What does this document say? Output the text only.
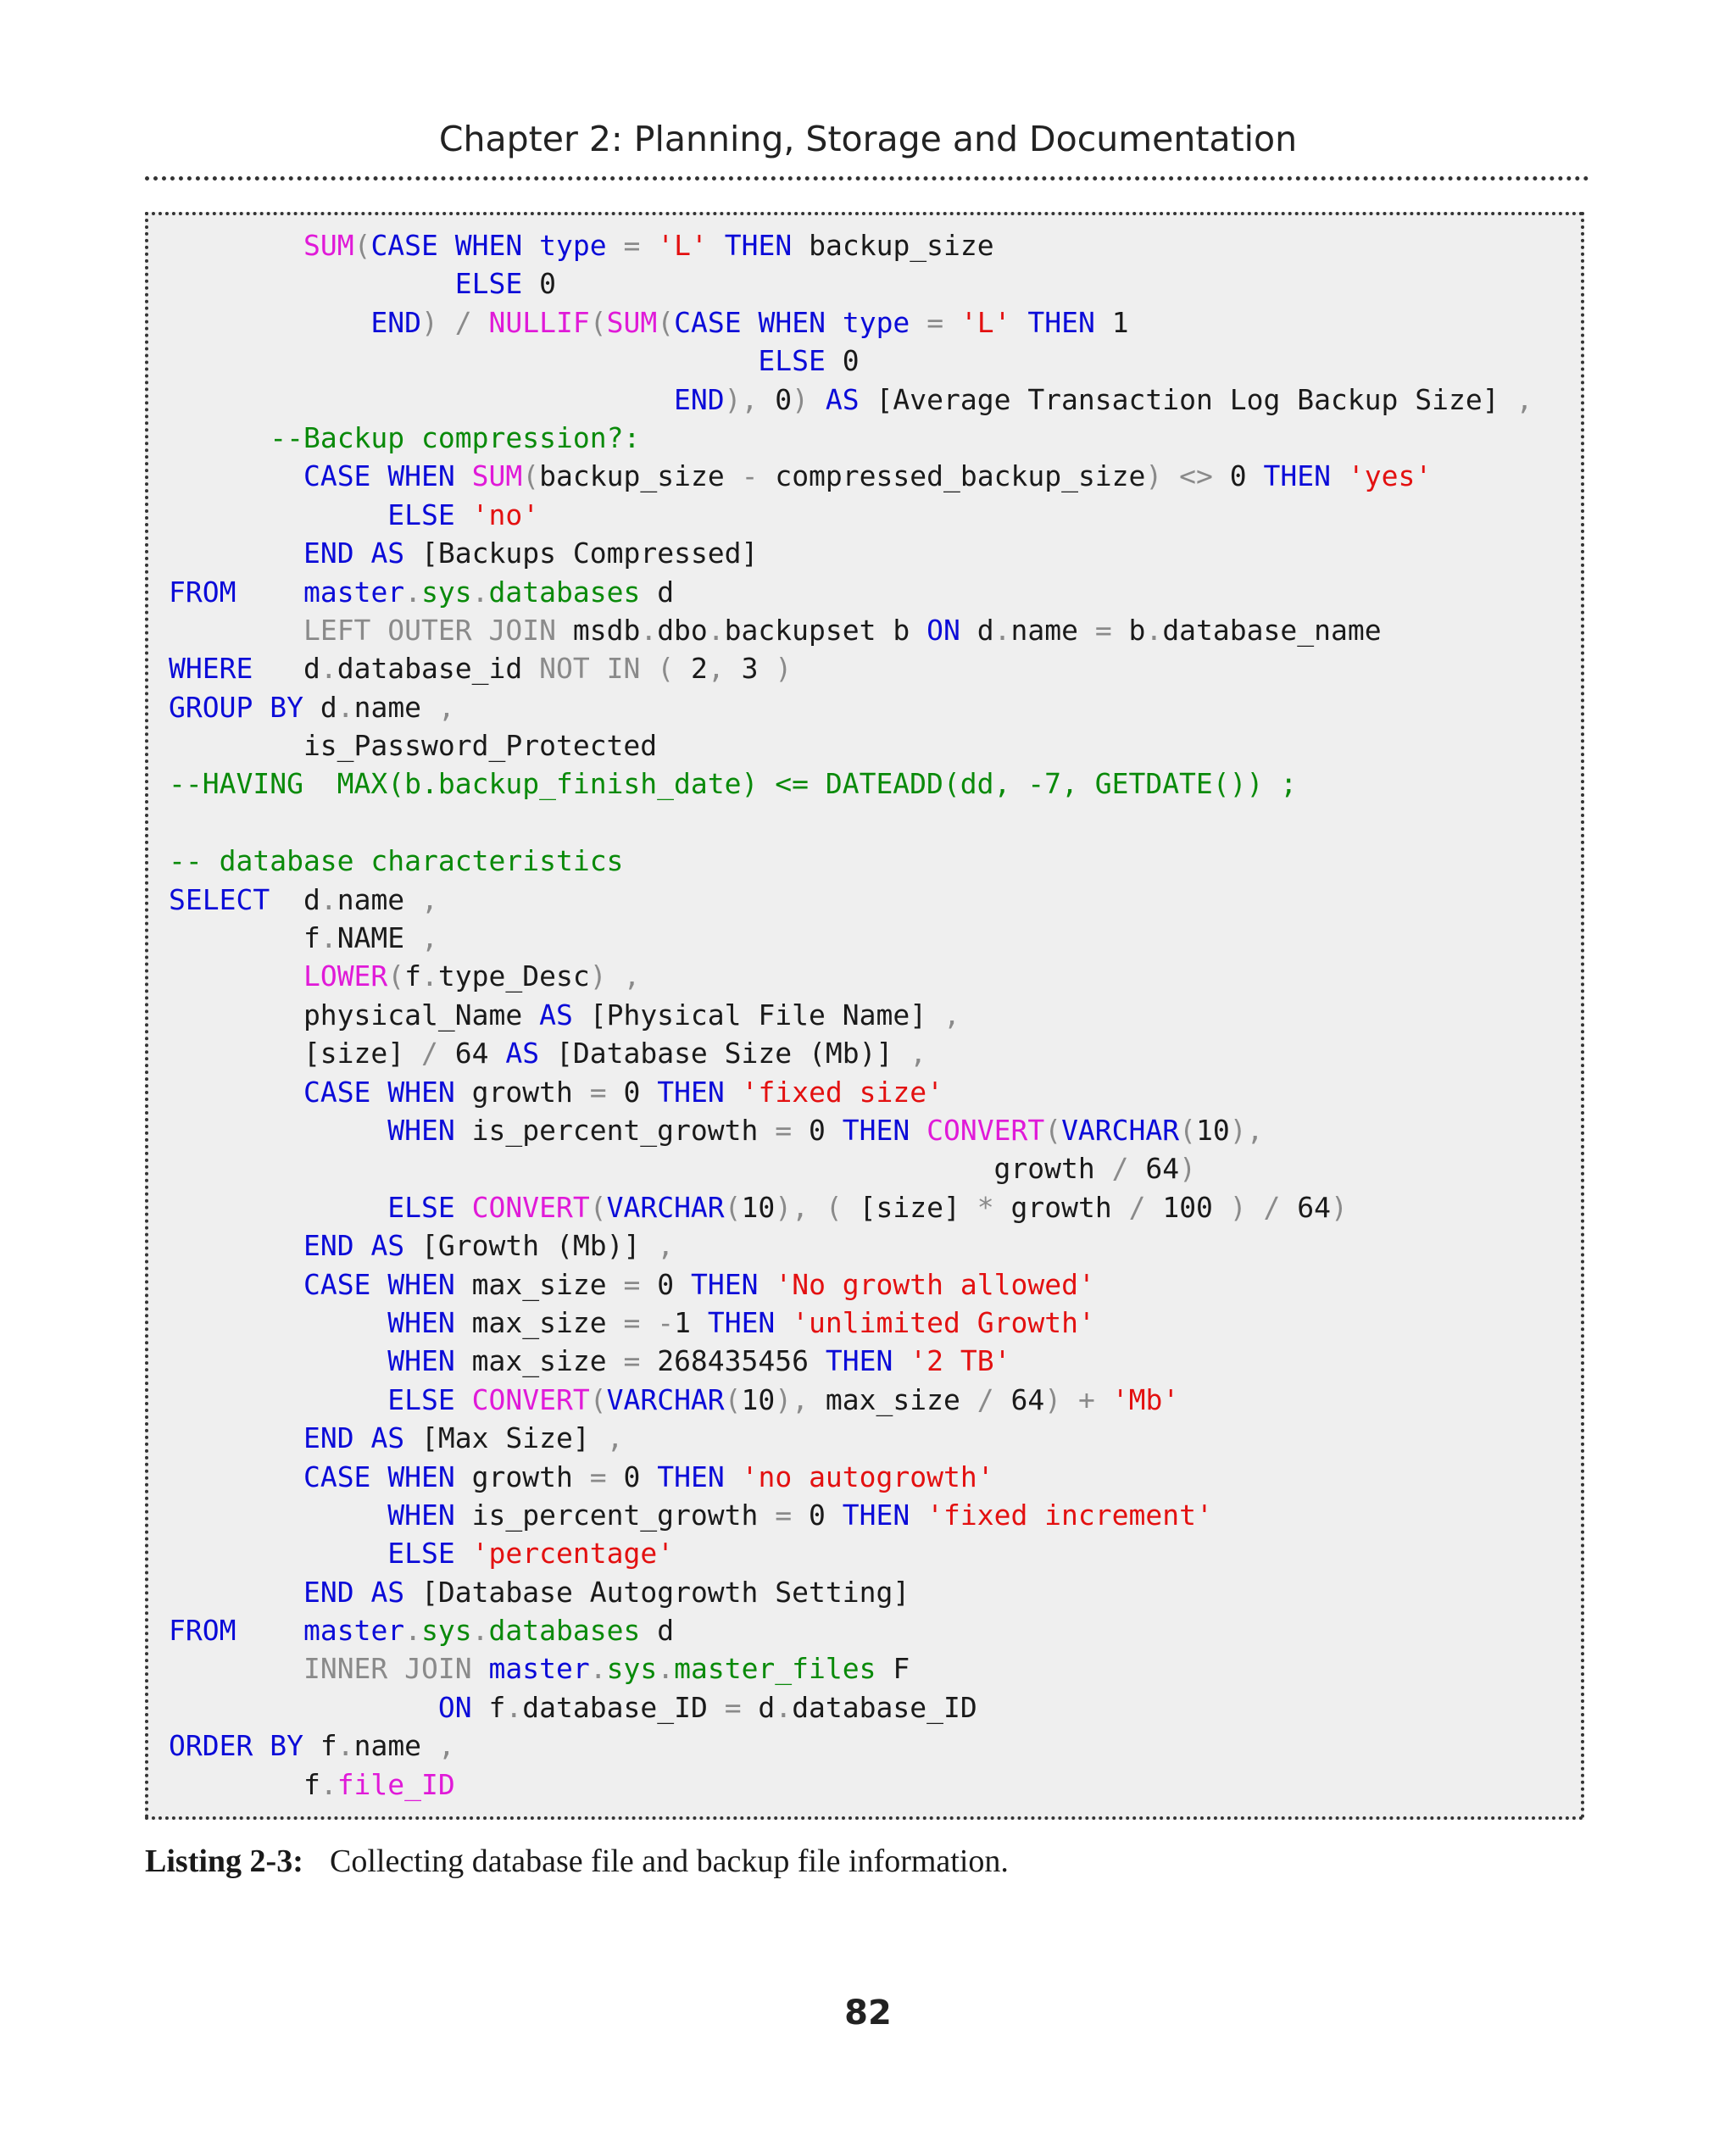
Chapter 2: Planning, Storage and Documentation
SUM(CASE WHEN type = 'L' THEN backup_size
ELSE 0
END) / NULLIF(SUM(CASE WHEN type = 'L' THEN 1
ELSE 0
END), 0) AS [Average Transaction Log Backup Size] ,
--Backup compression?:
CASE WHEN SUM(backup_size - compressed_backup_size) <> 0 THEN 'yes'
ELSE 'no'
END AS [Backups Compressed]
FROM master.sys.databases d
LEFT OUTER JOIN msdb.dbo.backupset b ON d.name = b.database_name
WHERE   d.database_id NOT IN ( 2, 3 )
GROUP BY d.name ,
is_Password_Protected
--HAVING  MAX(b.backup_finish_date) <= DATEADD(dd, -7, GETDATE()) ;
-- database characteristics
SELECT  d.name ,
f.NAME ,
LOWER(f.type_Desc) ,
physical_Name AS [Physical File Name] ,
[size] / 64 AS [Database Size (Mb)] ,
CASE WHEN growth = 0 THEN 'fixed size'
WHEN is_percent_growth = 0 THEN CONVERT(VARCHAR(10),
growth / 64)
ELSE CONVERT(VARCHAR(10), ( [size] * growth / 100 ) / 64)
END AS [Growth (Mb)] ,
CASE WHEN max_size = 0 THEN 'No growth allowed'
WHEN max_size = -1 THEN 'unlimited Growth'
WHEN max_size = 268435456 THEN '2 TB'
ELSE CONVERT(VARCHAR(10), max_size / 64) + 'Mb'
END AS [Max Size] ,
CASE WHEN growth = 0 THEN 'no autogrowth'
WHEN is_percent_growth = 0 THEN 'fixed increment'
ELSE 'percentage'
END AS [Database Autogrowth Setting]
FROM master.sys.databases d
INNER JOIN master.sys.master_files F
ON f.database_ID = d.database_ID
ORDER BY f.name ,
f.file_ID
Listing 2-3: Collecting database file and backup file information.
82
